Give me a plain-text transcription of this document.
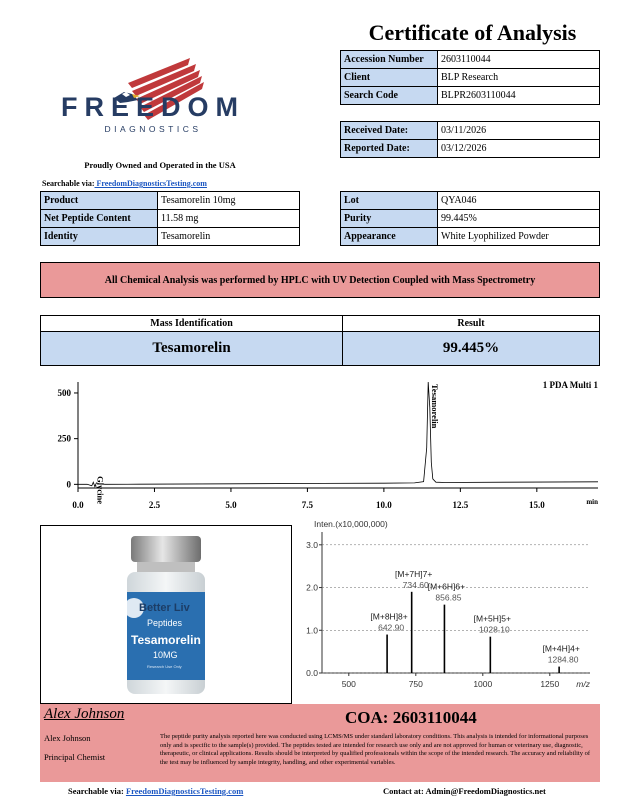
FREEDOM
DIAGNOSTICS
Proudly Owned and Operated in the USA
Searchable via: FreedomDiagnosticsTesting.com
Certificate of Analysis
Accession Number	2603110044
Client	BLP Research
Search Code	BLPR2603110044
Received Date:	03/11/2026
Reported Date:	03/12/2026
Product	Tesamorelin 10mg
Net Peptide Content	11.58 mg
Identity	Tesamorelin
Lot	QYA046
Purity	99.445%
Appearance	White Lyophilized Powder
All Chemical Analysis was performed by HPLC with UV Detection Coupled with Mass Spectrometry
Mass Identification	Result
Tesamorelin	99.445%
0
250
500
0.0	2.5	5.0	7.5	10.0	12.5	15.0	min
1 PDA Multi 1
Glycine
Tesamorelin
Better Liv
Peptides
Tesamorelin
10MG
Research Use Only
Inten.(x10,000,000)
0.0
1.0
2.0
3.0
500	750	1000	1250 m/z
[M+8H]8+
642.90
[M+7H]7+
734.60 [M+6H]6+
856.85
[M+5H]5+
1028.10
[M+4H]4+
1284.80
Alex Johnson
Alex Johnson
Principal Chemist
COA: 2603110044
The peptide purity analysis reported here was conducted using LCMS/MS under standard laboratory conditions. This analysis is intended for informational purposes only and is specific to the sample(s) provided. The peptides tested are intended for research use only and are not approved for human or veterinary use, diagnostic, therapeutic, or clinical applications. Results should be interpreted by qualified professionals within the scope of the intended research. The accuracy and reliability of the test may be influenced by sample integrity, handling, and other experimental variables.
Searchable via: FreedomDiagnosticsTesting.com	Contact at: Admin@FreedomDiagnostics.net
